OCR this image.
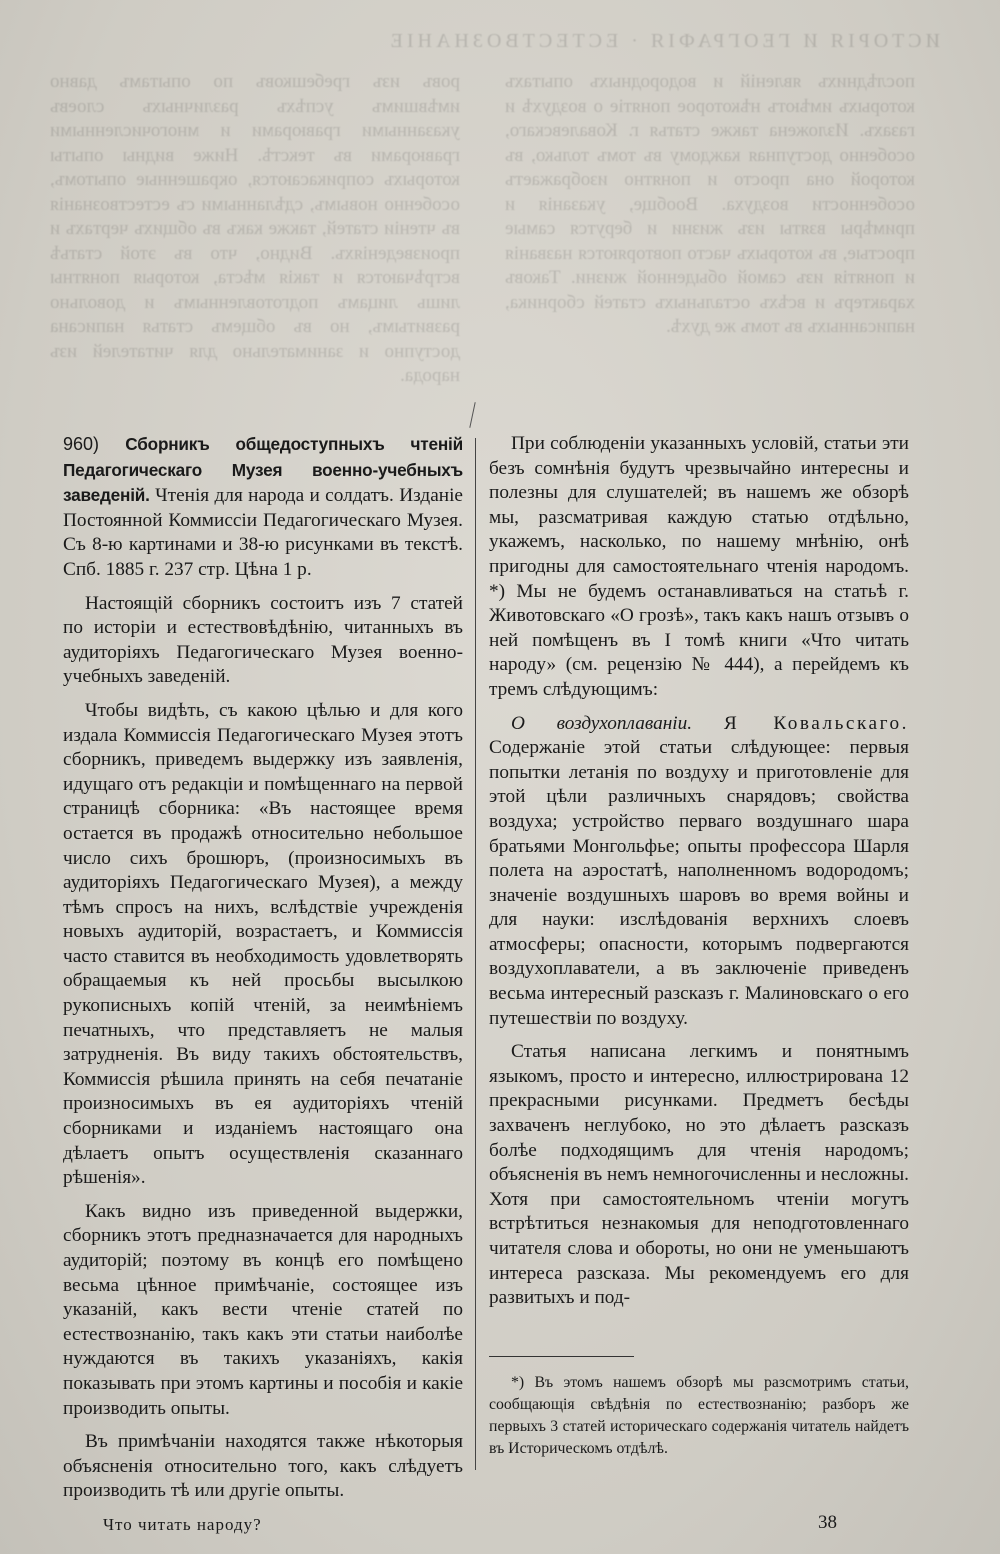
ИСТОРІЯ И ГЕОГРАФІЯ · ЕСТЕСТВОЗНАНІЕ

ровъ изъ гребешковъ по опытамъ давно имѣвшимъ успѣхъ различныхъ слоевъ указанными гравюрами и многочисленными гравюрами въ текстѣ. Ниже видны опыты которыхъ соприкасаются, окрашенные опытомъ, особенно новымъ, сдѣланными съ естествознанія въ чтеніи статей, также какъ въ общихъ чертахъ и произведеніяхъ. Видно, что въ этой статьѣ встрѣчаются и такія мѣста, которыя понятны лишь лицамъ подготовленнымъ и довольно развитымъ, но въ общемъ статья написана доступно и занимательно для читателей изъ народа.

послѣднихъ явленій и водородныхъ опытахъ которыхъ имѣютъ нѣкоторое понятіе о воздухѣ и газахъ. Изложена также статья г. Ковалевскаго, особенно доступная каждому въ томъ только, въ которой она просто и понятно изображаетъ особенности воздуха. Вообще, указанія и примѣры взяты изъ жизни и берутся самые простые, въ которыхъ часто повторяются названія и понятія изъ самой обыденной жизни. Таковъ характеръ и всѣхъ остальныхъ статей сборника, написанныхъ въ томъ же духѣ.

960) Сборникъ общедоступныхъ чтеній Педагогическаго Музея военно-учебныхъ заведеній. Чтенія для народа и солдатъ. Изданіе Постоянной Коммиссіи Педагогическаго Музея. Съ 8-ю картинами и 38-ю рисунками въ текстѣ. Спб. 1885 г. 237 стр. Цѣна 1 р.

Настоящій сборникъ состоитъ изъ 7 статей по исторіи и естествовѣдѣнію, читанныхъ въ аудиторіяхъ Педагогическаго Музея военно-учебныхъ заведеній.

Чтобы видѣть, съ какою цѣлью и для кого издала Коммиссія Педагогическаго Музея этотъ сборникъ, приведемъ выдержку изъ заявленія, идущаго отъ редакціи и помѣщеннаго на первой страницѣ сборника: «Въ настоящее время остается въ продажѣ относительно небольшое число сихъ брошюръ, (произносимыхъ въ аудиторіяхъ Педагогическаго Музея), а между тѣмъ спросъ на нихъ, вслѣдствіе учрежденія новыхъ аудиторій, возрастаетъ, и Коммиссія часто ставится въ необходимость удовлетворять обращаемыя къ ней просьбы высылкою рукописныхъ копій чтеній, за неимѣніемъ печатныхъ, что представляетъ не малыя затрудненія. Въ виду такихъ обстоятельствъ, Коммиссія рѣшила принять на себя печатаніе произносимыхъ въ ея аудиторіяхъ чтеній сборниками и изданіемъ настоящаго она дѣлаетъ опытъ осуществленія сказаннаго рѣшенія».

Какъ видно изъ приведенной выдержки, сборникъ этотъ предназначается для народныхъ аудиторій; поэтому въ концѣ его помѣщено весьма цѣнное примѣчаніе, состоящее изъ указаній, какъ вести чтеніе статей по естествознанію, такъ какъ эти статьи наиболѣе нуждаются въ такихъ указаніяхъ, какія показывать при этомъ картины и пособія и какіе производить опыты.

Въ примѣчаніи находятся также нѣкоторыя объясненія относительно того, какъ слѣдуетъ производить тѣ или другіе опыты.

При соблюденіи указанныхъ условій, статьи эти безъ сомнѣнія будутъ чрезвычайно интересны и полезны для слушателей; въ нашемъ же обзорѣ мы, разсматривая каждую статью отдѣльно, укажемъ, насколько, по нашему мнѣнію, онѣ пригодны для самостоятельнаго чтенія народомъ. *) Мы не будемъ останавливаться на статьѣ г. Животовскаго «О грозѣ», такъ какъ нашъ отзывъ о ней помѣщенъ въ I томѣ книги «Что читать народу» (см. рецензію № 444), а перейдемъ къ тремъ слѣдующимъ:

О воздухоплаваніи. Я Ковальскаго. Содержаніе этой статьи слѣдующее: первыя попытки летанія по воздуху и приготовленіе для этой цѣли различныхъ снарядовъ; свойства воздуха; устройство перваго воздушнаго шара братьями Монгольфье; опыты профессора Шарля полета на аэростатѣ, наполненномъ водородомъ; значеніе воздушныхъ шаровъ во время войны и для науки: изслѣдованія верхнихъ слоевъ атмосферы; опасности, которымъ подвергаются воздухоплаватели, а въ заключеніе приведенъ весьма интересный разсказъ г. Малиновскаго о его путешествіи по воздуху.

Статья написана легкимъ и понятнымъ языкомъ, просто и интересно, иллюстрирована 12 прекрасными рисунками. Предметъ бесѣды захваченъ неглубоко, но это дѣлаетъ разсказъ болѣе подходящимъ для чтенія народомъ; объясненія въ немъ немногочисленны и несложны. Хотя при самостоятельномъ чтеніи могутъ встрѣтиться незнакомыя для неподготовленнаго читателя слова и обороты, но они не уменьшаютъ интереса разсказа. Мы рекомендуемъ его для развитыхъ и под-

*) Въ этомъ нашемъ обзорѣ мы разсмотримъ статьи, сообщающія свѣдѣнія по естествознанію; разборъ же первыхъ 3 статей историческаго содержанія читатель найдетъ въ Историческомъ отдѣлѣ.

Что читать народу?	38
